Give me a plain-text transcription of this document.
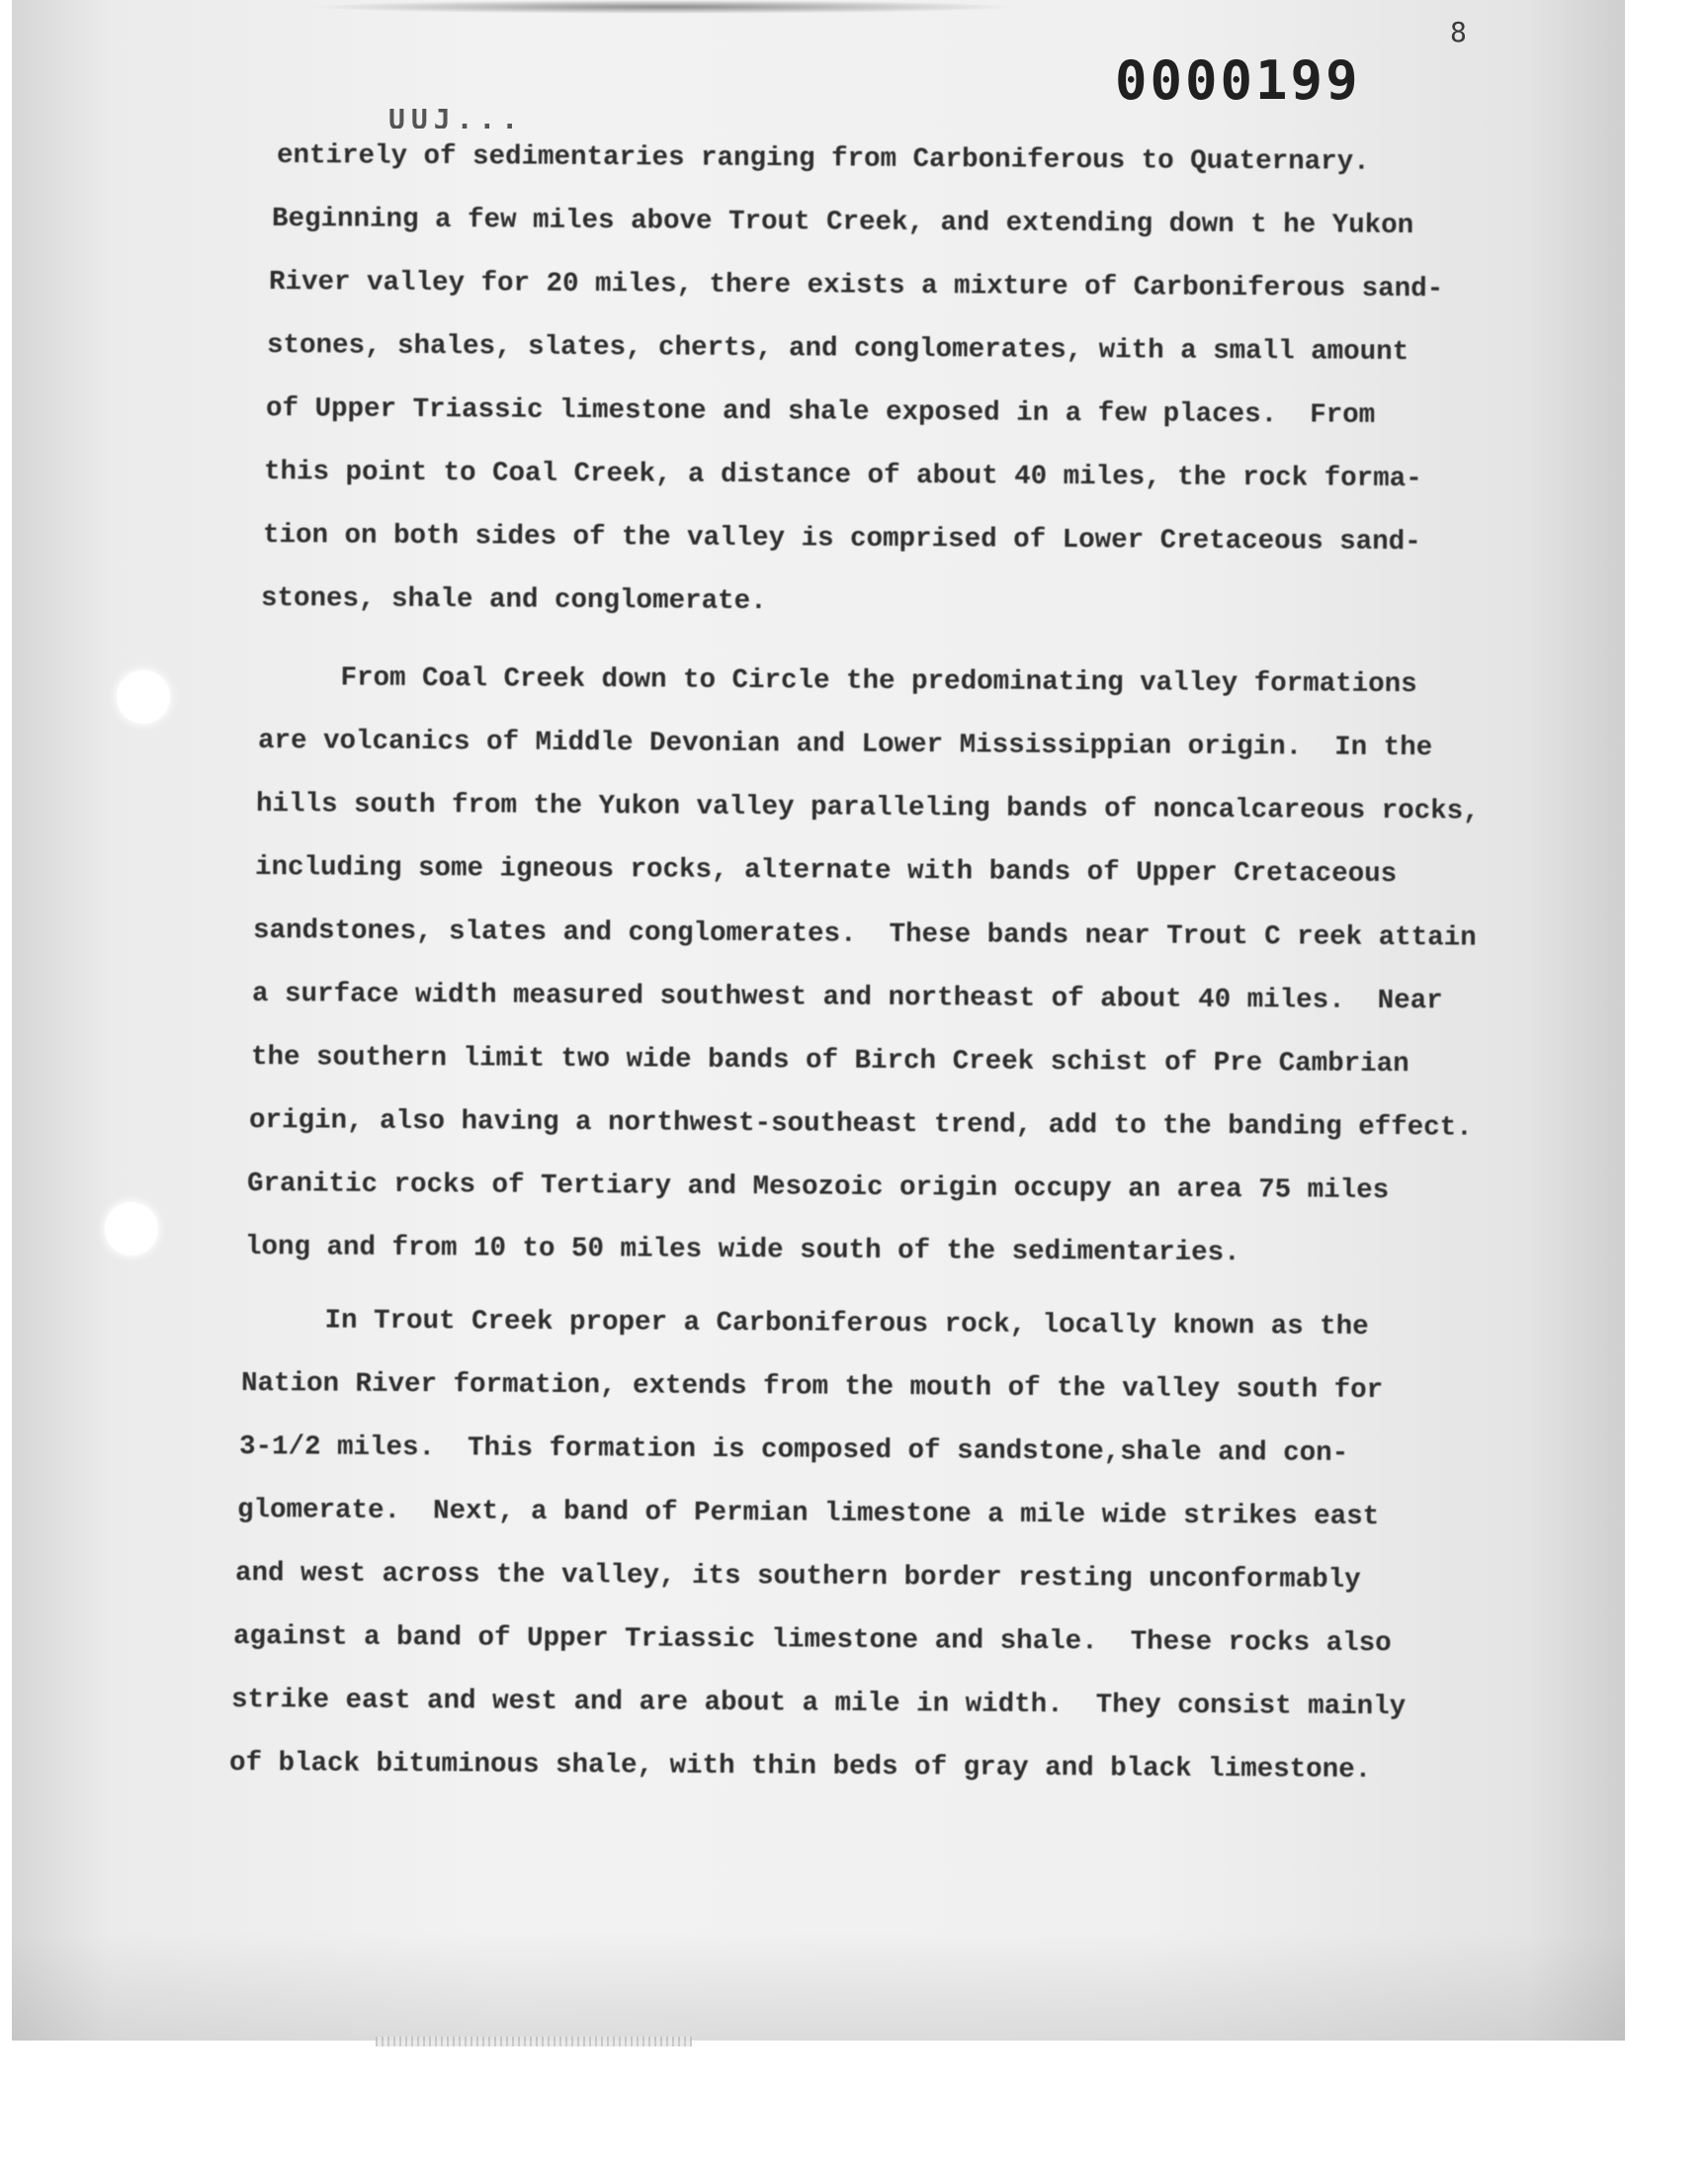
8
0000199
UUJ...
entirely of sedimentaries ranging from Carboniferous to Quaternary.
Beginning a few miles above Trout Creek, and extending down t he Yukon
River valley for 20 miles, there exists a mixture of Carboniferous sand-
stones, shales, slates, cherts, and conglomerates, with a small amount
of Upper Triassic limestone and shale exposed in a few places.  From
this point to Coal Creek, a distance of about 40 miles, the rock forma-
tion on both sides of the valley is comprised of Lower Cretaceous sand-
stones, shale and conglomerate.
From Coal Creek down to Circle the predominating valley formations
are volcanics of Middle Devonian and Lower Mississippian origin.  In the
hills south from the Yukon valley paralleling bands of noncalcareous rocks,
including some igneous rocks, alternate with bands of Upper Cretaceous
sandstones, slates and conglomerates.  These bands near Trout C reek attain
a surface width measured southwest and northeast of about 40 miles.  Near
the southern limit two wide bands of Birch Creek schist of Pre Cambrian
origin, also having a northwest-southeast trend, add to the banding effect.
Granitic rocks of Tertiary and Mesozoic origin occupy an area 75 miles
long and from 10 to 50 miles wide south of the sedimentaries.
In Trout Creek proper a Carboniferous rock, locally known as the
Nation River formation, extends from the mouth of the valley south for
3-1/2 miles.  This formation is composed of sandstone,shale and con-
glomerate.  Next, a band of Permian limestone a mile wide strikes east
and west across the valley, its southern border resting unconformably
against a band of Upper Triassic limestone and shale.  These rocks also
strike east and west and are about a mile in width.  They consist mainly
of black bituminous shale, with thin beds of gray and black limestone.
